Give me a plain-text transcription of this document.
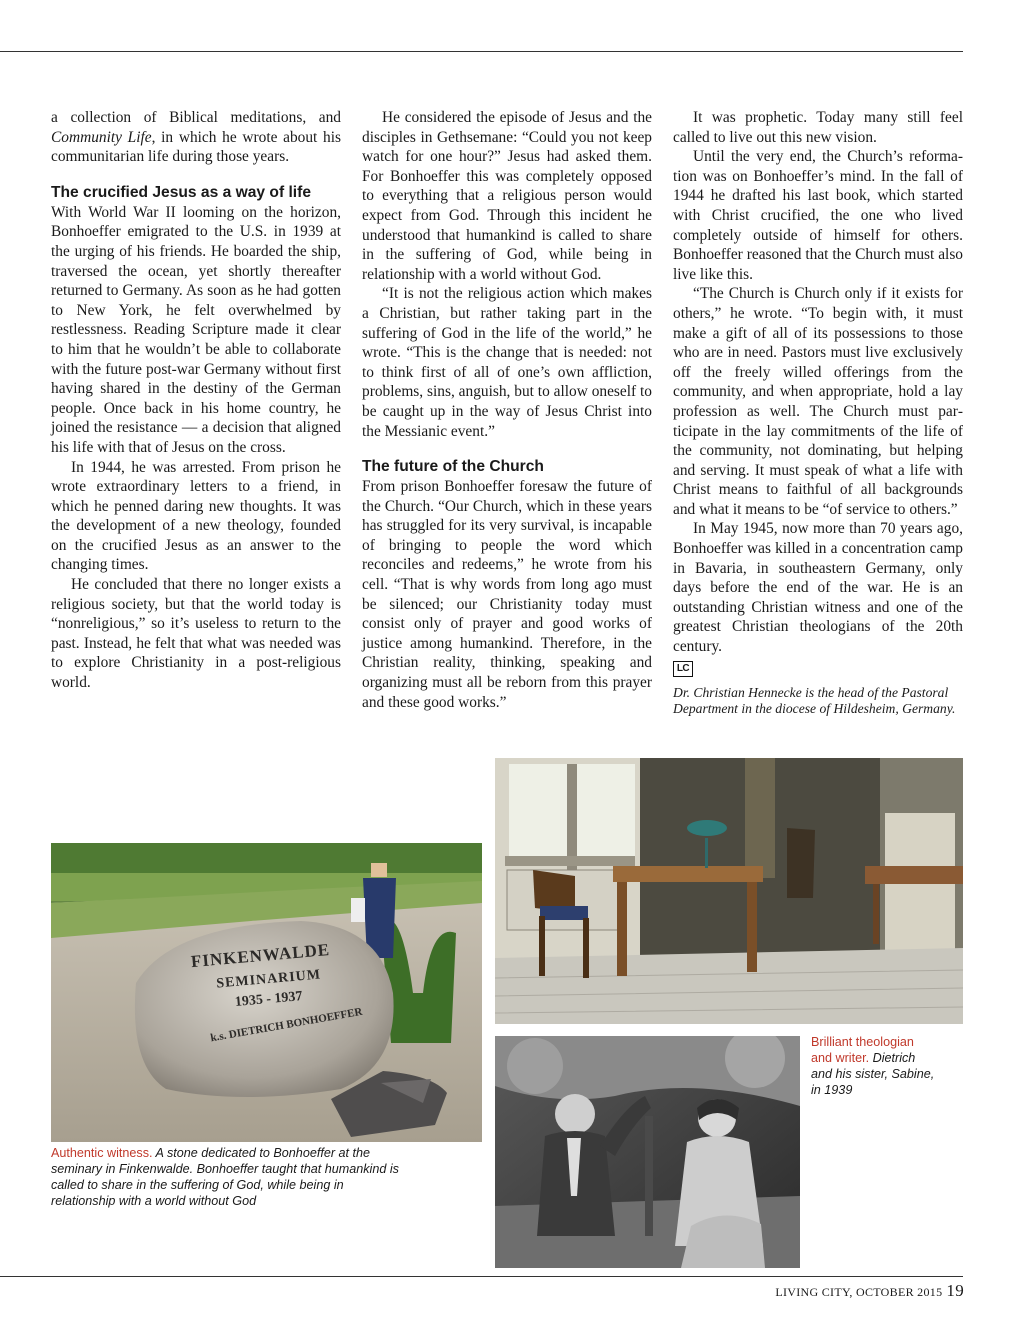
a collection of Biblical meditations, and Community Life, in which he wrote about his communitarian life during those years.

The crucified Jesus as a way of life

With World War II looming on the horizon, Bonhoeffer emigrated to the U.S. in 1939 at the urging of his friends. He boarded the ship, traversed the ocean, yet shortly thereafter returned to Germany. As soon as he had gotten to New York, he felt overwhelmed by restlessness. Reading Scripture made it clear to him that he wouldn’t be able to collaborate with the future post-war Germany without first having shared in the destiny of the German people. Once back in his home country, he joined the resistance — a decision that aligned his life with that of Jesus on the cross.

In 1944, he was arrested. From prison he wrote extraordinary letters to a friend, in which he penned daring new thoughts. It was the development of a new theology, founded on the crucified Jesus as an answer to the changing times.

He concluded that there no longer exists a religious society, but that the world today is “nonreligious,” so it’s useless to return to the past. Instead, he felt that what was needed was to explore Christianity in a post-religious world.

He considered the episode of Jesus and the disciples in Gethsemane: “Could you not keep watch for one hour?” Jesus had asked them. For Bonhoeffer this was completely opposed to everything that a religious person would expect from God. Through this incident he understood that humankind is called to share in the suffering of God, while being in relationship with a world without God.

“It is not the religious action which makes a Christian, but rather taking part in the suffering of God in the life of the world,” he wrote. “This is the change that is needed: not to think first of all of one’s own affliction, problems, sins, anguish, but to allow oneself to be caught up in the way of Jesus Christ into the Messianic event.”

The future of the Church

From prison Bonhoeffer foresaw the future of the Church. “Our Church, which in these years has struggled for its very survival, is incapable of bringing to people the word which reconciles and redeems,” he wrote from his cell. “That is why words from long ago must be silenced; our Christianity today must consist only of prayer and good works of justice among humankind. Therefore, in the Christian reality, thinking, speaking and organizing must all be reborn from this prayer and these good works.”

It was prophetic. Today many still feel called to live out this new vision.

Until the very end, the Church’s reformation was on Bonhoeffer’s mind. In the fall of 1944 he drafted his last book, which started with Christ crucified, the one who lived completely outside of himself for others. Bonhoeffer reasoned that the Church must also live like this.

“The Church is Church only if it exists for others,” he wrote. “To begin with, it must make a gift of all of its possessions to those who are in need. Pastors must live exclusively off the freely willed offerings from the community, and when appropriate, hold a lay profession as well. The Church must participate in the lay commitments of the life of the community, not dominating, but helping and serving. It must speak of what a life with Christ means to faithful of all backgrounds and what it means to be “of service to others.”

In May 1945, now more than 70 years ago, Bonhoeffer was killed in a concentration camp in Bavaria, in southeastern Germany, only days before the end of the war. He is an outstanding Christian witness and one of the greatest Christian theologians of the 20th century.

LC

Dr. Christian Hennecke is the head of the Pastoral Department in the diocese of Hildesheim, Germany.

FINKENWALDE
SEMINARIUM
1935 - 1937
k.s. DIETRICH BONHOEFFER
Authentic witness. A stone dedicated to Bonhoeffer at the seminary in Finkenwalde. Bonhoeffer taught that humankind is called to share in the suffering of God, while being in relationship with a world without God
Brilliant theologian and writer. Dietrich and his sister, Sabine, in 1939
LIVING CITY, OCTOBER 2015 19
